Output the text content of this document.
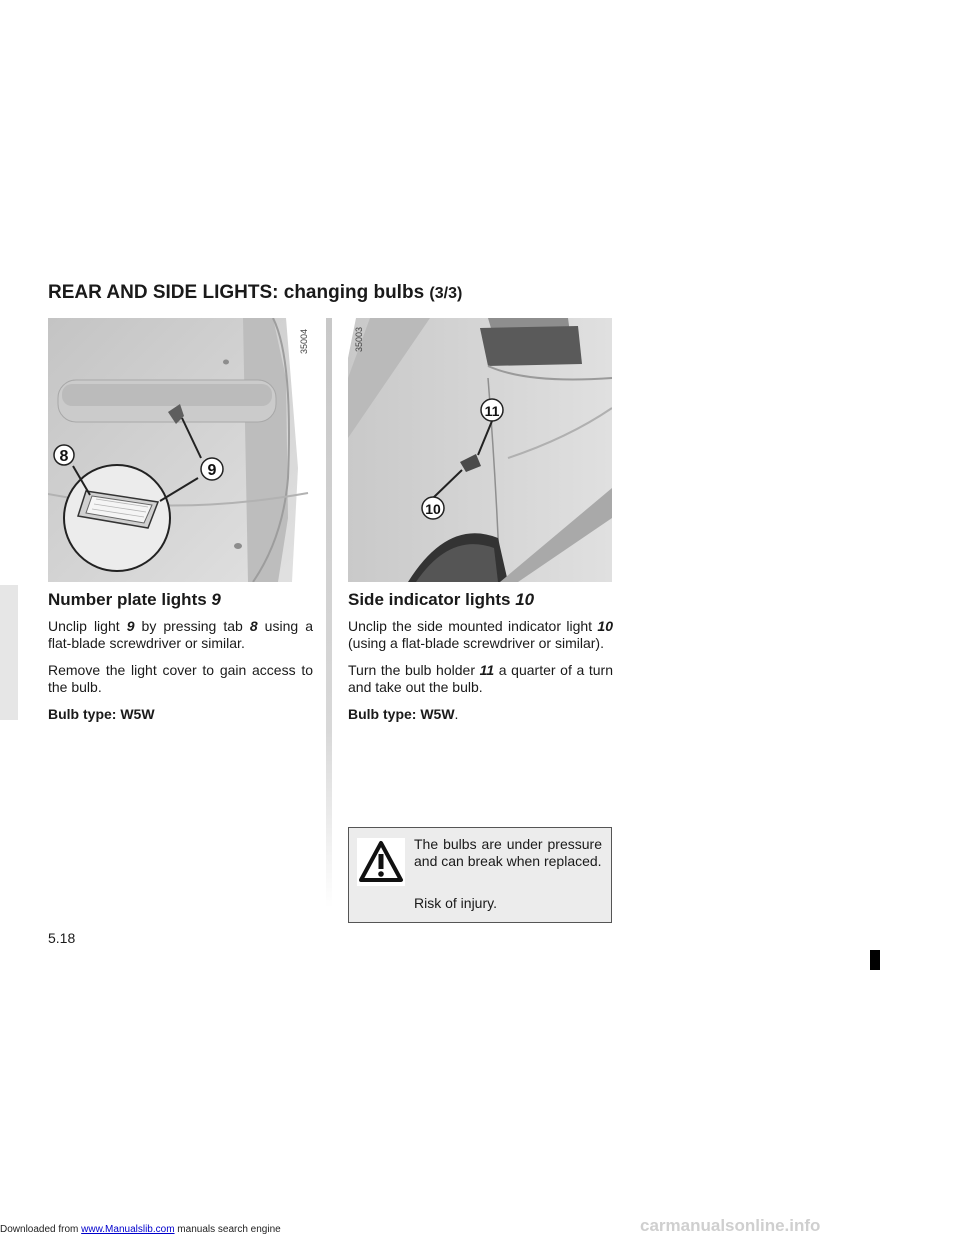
REAR AND SIDE LIGHTS: changing bulbs (3/3)
8
9
35004
11
10
35003
Number plate lights 9

Unclip light 9 by pressing tab 8 using a flat-blade screwdriver or similar.

Remove the light cover to gain access to the bulb.

Bulb type: W5W

Side indicator lights 10

Unclip the side mounted indicator light 10 (using a flat-blade screwdriver or similar).

Turn the bulb holder 11 a quarter of a turn and take out the bulb.

Bulb type: W5W.

The bulbs are under pressure and can break when replaced.

Risk of injury.

5.18
Downloaded from www.Manualslib.com manuals search engine	carmanualsonline.info
